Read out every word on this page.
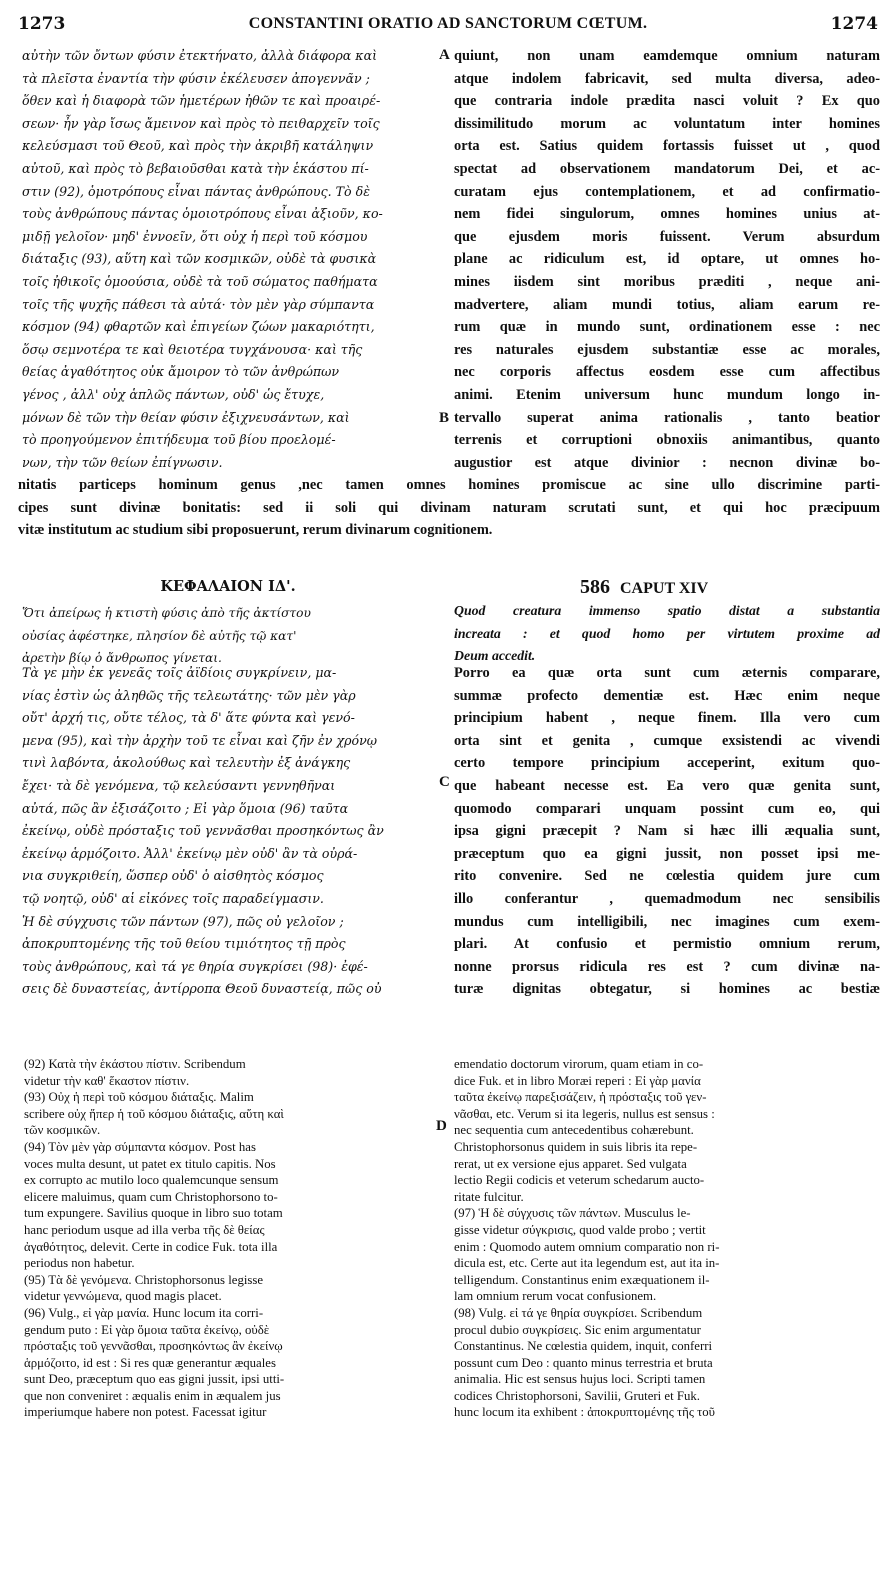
1273	CONSTANTINI ORATIO AD SANCTORUM CŒTUM.	1274
A
B
C
D
αὐτὴν τῶν ὄντων φύσιν ἐτεκτήνατο, ἀλλὰ διάφορα καὶ
τὰ πλεῖστα ἐναντία τὴν φύσιν ἐκέλευσεν ἀπογεννᾶν ;
ὅθεν καὶ ἡ διαφορὰ τῶν ἡμετέρων ἠθῶν τε καὶ προαιρέ-
σεων· ἦν γὰρ ἴσως ἄμεινον καὶ πρὸς τὸ πειθαρχεῖν τοῖς
κελεύσμασι τοῦ Θεοῦ, καὶ πρὸς τὴν ἀκριβῆ κατάληψιν
αὐτοῦ, καὶ πρὸς τὸ βεβαιοῦσθαι κατὰ τὴν ἑκάστου πί-
στιν (92), ὁμοτρόπους εἶναι πάντας ἀνθρώπους. Τὸ δὲ
τοὺς ἀνθρώπους πάντας ὁμοιοτρόπους εἶναι ἀξιοῦν, κο-
μιδῇ γελοῖον· μηδ' ἐννοεῖν, ὅτι οὐχ ἡ περὶ τοῦ κόσμου
διάταξις (93), αὕτη καὶ τῶν κοσμικῶν, οὐδὲ τὰ φυσικὰ
τοῖς ἠθικοῖς ὁμοούσια, οὐδὲ τὰ τοῦ σώματος παθήματα
τοῖς τῆς ψυχῆς πάθεσι τὰ αὐτά· τὸν μὲν γὰρ σύμπαντα
κόσμον (94) φθαρτῶν καὶ ἐπιγείων ζώων μακαριότητι,
ὅσῳ σεμνοτέρα τε καὶ θειοτέρα τυγχάνουσα· καὶ τῆς
θείας ἀγαθότητος οὐκ ἄμοιρον τὸ τῶν ἀνθρώπων
γένος , ἀλλ' οὐχ ἁπλῶς πάντων, οὐδ' ὡς ἔτυχε,
μόνων δὲ τῶν τὴν θείαν φύσιν ἐξιχνευσάντων, καὶ
τὸ προηγούμενον ἐπιτήδευμα τοῦ βίου προελομέ-
νων, τὴν τῶν θείων ἐπίγνωσιν.
quiunt, non unam eamdemque omnium naturam
atque indolem fabricavit, sed multa diversa, adeo-
que contraria indole prædita nasci voluit ? Ex quo
dissimilitudo morum ac voluntatum inter homines
orta est. Satius quidem fortassis fuisset ut , quod
spectat ad observationem mandatorum Dei, et ac-
curatam ejus contemplationem, et ad confirmatio-
nem fidei singulorum, omnes homines unius at-
que ejusdem moris fuissent. Verum absurdum
plane ac ridiculum est, id optare, ut omnes ho-
mines iisdem sint moribus præditi , neque ani-
madvertere, aliam mundi totius, aliam earum re-
rum quæ in mundo sunt, ordinationem esse : nec
res naturales ejusdem substantiæ esse ac morales,
nec corporis affectus eosdem esse cum affectibus
animi. Etenim universum hunc mundum longo in-
tervallo superat anima rationalis , tanto beatior
terrenis et corruptioni obnoxiis animantibus, quanto
augustior est atque divinior : necnon divinæ bo-
nitatis particeps hominum genus ,nec tamen omnes homines promiscue ac sine ullo discrimine parti-
cipes sunt divinæ bonitatis: sed ii soli qui divinam naturam scrutati sunt, et qui hoc præcipuum
vitæ institutum ac studium sibi proposuerunt, rerum divinarum cognitionem.
ΚΕΦΑΛΑΙΟΝ ΙΔ'.	586 CAPUT XIV
Ὅτι ἀπείρως ἡ κτιστὴ φύσις ἀπὸ τῆς ἀκτίστου
οὐσίας ἀφέστηκε, πλησίον δὲ αὐτῆς τῷ κατ'
ἀρετὴν βίῳ ὁ ἄνθρωπος γίνεται.
Quod creatura immenso spatio distat a substantia
increata : et quod homo per virtutem proxime ad
Deum accedit.
Τὰ γε μὴν ἐκ γενεᾶς τοῖς ἀϊδίοις συγκρίνειν, μα-
νίας ἐστὶν ὡς ἀληθῶς τῆς τελεωτάτης· τῶν μὲν γὰρ
οὔτ' ἀρχή τις, οὔτε τέλος, τὰ δ' ἅτε φύντα καὶ γενό-
μενα (95), καὶ τὴν ἀρχὴν τοῦ τε εἶναι καὶ ζῆν ἐν χρόνῳ
τινὶ λαβόντα, ἀκολούθως καὶ τελευτὴν ἐξ ἀνάγκης
ἔχει· τὰ δὲ γενόμενα, τῷ κελεύσαντι γεννηθῆναι
αὐτά, πῶς ἂν ἐξισάζοιτο ; Εἰ γὰρ ὅμοια (96) ταῦτα
ἐκείνῳ, οὐδὲ πρόσταξις τοῦ γεννᾶσθαι προσηκόντως ἂν
ἐκείνῳ ἁρμόζοιτο. Ἀλλ' ἐκείνῳ μὲν οὐδ' ἂν τὰ οὐρά-
νια συγκριθείη, ὥσπερ οὐδ' ὁ αἰσθητὸς κόσμος
τῷ νοητῷ, οὐδ' αἱ εἰκόνες τοῖς παραδείγμασιν.
Ἡ δὲ σύγχυσις τῶν πάντων (97), πῶς οὐ γελοῖον ;
ἀποκρυπτομένης τῆς τοῦ θείου τιμιότητος τῇ πρὸς
τοὺς ἀνθρώπους, καὶ τά γε θηρία συγκρίσει (98)· ἐφέ-
σεις δὲ δυναστείας, ἀντίρροπα Θεοῦ δυναστείᾳ, πῶς οὐ
Porro ea quæ orta sunt cum æternis comparare,
summæ profecto dementiæ est. Hæc enim neque
principium habent , neque finem. Illa vero cum
orta sint et genita , cumque exsistendi ac vivendi
certo tempore principium acceperint, exitum quo-
que habeant necesse est. Ea vero quæ genita sunt,
quomodo comparari unquam possint cum eo, qui
ipsa gigni præcepit ? Nam si hæc illi æqualia sunt,
præceptum quo ea gigni jussit, non posset ipsi me-
rito convenire. Sed ne cœlestia quidem jure cum
illo conferantur , quemadmodum nec sensibilis
mundus cum intelligibili, nec imagines cum exem-
plari. At confusio et permistio omnium rerum,
nonne prorsus ridicula res est ? cum divinæ na-
turæ dignitas obtegatur, si homines ac bestiæ
(92) Κατὰ τὴν ἑκάστου πίστιν. Scribendum
videtur τὴν καθ' ἕκαστον πίστιν.
(93) Οὐχ ἡ περὶ τοῦ κόσμου διάταξις. Malim
scribere οὐχ ἥπερ ἡ τοῦ κόσμου διάταξις, αὕτη καὶ
τῶν κοσμικῶν.
(94) Τὸν μὲν γὰρ σύμπαντα κόσμον. Post has
voces multa desunt, ut patet ex titulo capitis. Nos
ex corrupto ac mutilo loco qualemcunque sensum
elicere maluimus, quam cum Christophorsono to-
tum expungere. Savilius quoque in libro suo totam
hanc periodum usque ad illa verba τῆς δὲ θείας
ἀγαθότητος, delevit. Certe in codice Fuk. tota illa
periodus non habetur.
(95) Τὰ δὲ γενόμενα. Christophorsonus legisse
videtur γεννώμενα, quod magis placet.
(96) Vulg., εἰ γὰρ μανία. Hunc locum ita corri-
gendum puto : Εἰ γὰρ ὅμοια ταῦτα ἐκείνῳ, οὐδὲ
πρόσταξις τοῦ γεννᾶσθαι, προσηκόντως ἂν ἐκείνῳ
ἁρμόζοιτο, id est : Si res quæ generantur æquales
sunt Deo, præceptum quo eas gigni jussit, ipsi utti-
que non conveniret : æqualis enim in æqualem jus
imperiumque habere non potest. Facessat igitur
emendatio doctorum virorum, quam etiam in co-
dice Fuk. et in libro Moræi reperi : Εἰ γὰρ μανία
ταῦτα ἐκείνῳ παρεξισάζειν, ἡ πρόσταξις τοῦ γεν-
νᾶσθαι, etc. Verum si ita legeris, nullus est sensus :
nec sequentia cum antecedentibus cohærebunt.
Christophorsonus quidem in suis libris ita repe-
rerat, ut ex versione ejus apparet. Sed vulgata
lectio Regii codicis et veterum schedarum aucto-
ritate fulcitur.
(97) Ἡ δὲ σύγχυσις τῶν πάντων. Musculus le-
gisse videtur σύγκρισις, quod valde probo ; vertit
enim : Quomodo autem omnium comparatio non ri-
dicula est, etc. Certe aut ita legendum est, aut ita in-
telligendum. Constantinus enim exæquationem il-
lam omnium rerum vocat confusionem.
(98) Vulg. εἰ τά γε θηρία συγκρίσει. Scribendum
procul dubio συγκρίσεις. Sic enim argumentatur
Constantinus. Ne cœlestia quidem, inquit, conferri
possunt cum Deo : quanto minus terrestria et bruta
animalia. Hic est sensus hujus loci. Scripti tamen
codices Christophorsoni, Savilii, Gruteri et Fuk.
hunc locum ita exhibent : ἀποκρυπτομένης τῆς τοῦ
